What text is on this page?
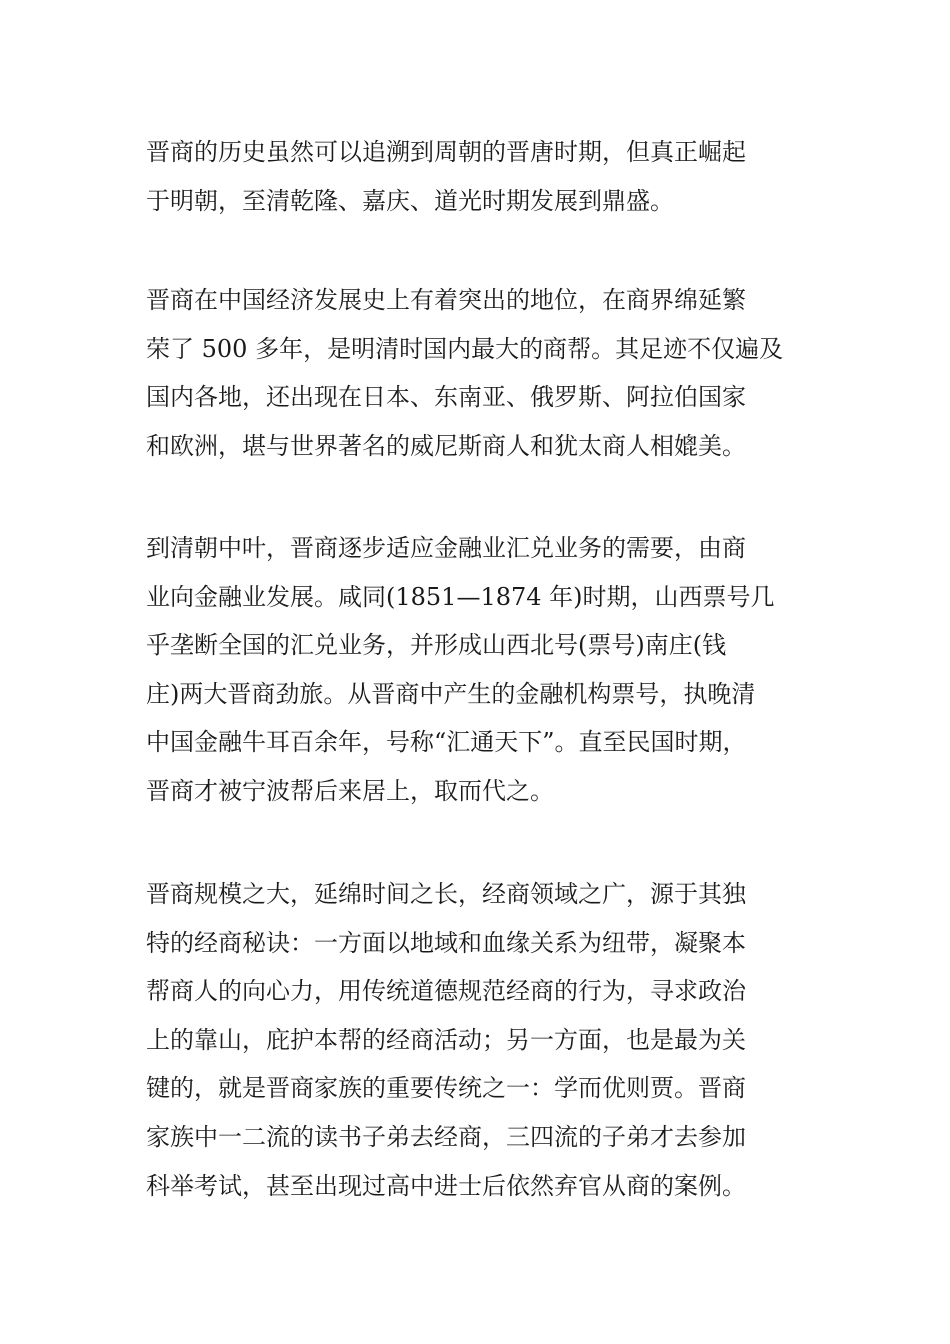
晋商的历史虽然可以追溯到周朝的晋唐时期，但真正崛起
于明朝，至清乾隆、嘉庆、道光时期发展到鼎盛。
晋商在中国经济发展史上有着突出的地位，在商界绵延繁
荣了 500 多年，是明清时国内最大的商帮。其足迹不仅遍及
国内各地，还出现在日本、东南亚、俄罗斯、阿拉伯国家
和欧洲，堪与世界著名的威尼斯商人和犹太商人相媲美。
到清朝中叶，晋商逐步适应金融业汇兑业务的需要，由商
业向金融业发展。咸同(1851—1874 年)时期，山西票号几
乎垄断全国的汇兑业务，并形成山西北号(票号)南庄(钱
庄)两大晋商劲旅。从晋商中产生的金融机构票号，执晚清
中国金融牛耳百余年，号称“汇通天下”。直至民国时期，
晋商才被宁波帮后来居上，取而代之。
晋商规模之大，延绵时间之长，经商领域之广，源于其独
特的经商秘诀：一方面以地域和血缘关系为纽带，凝聚本
帮商人的向心力，用传统道德规范经商的行为，寻求政治
上的靠山，庇护本帮的经商活动；另一方面，也是最为关
键的，就是晋商家族的重要传统之一：学而优则贾。晋商
家族中一二流的读书子弟去经商，三四流的子弟才去参加
科举考试，甚至出现过高中进士后依然弃官从商的案例。
